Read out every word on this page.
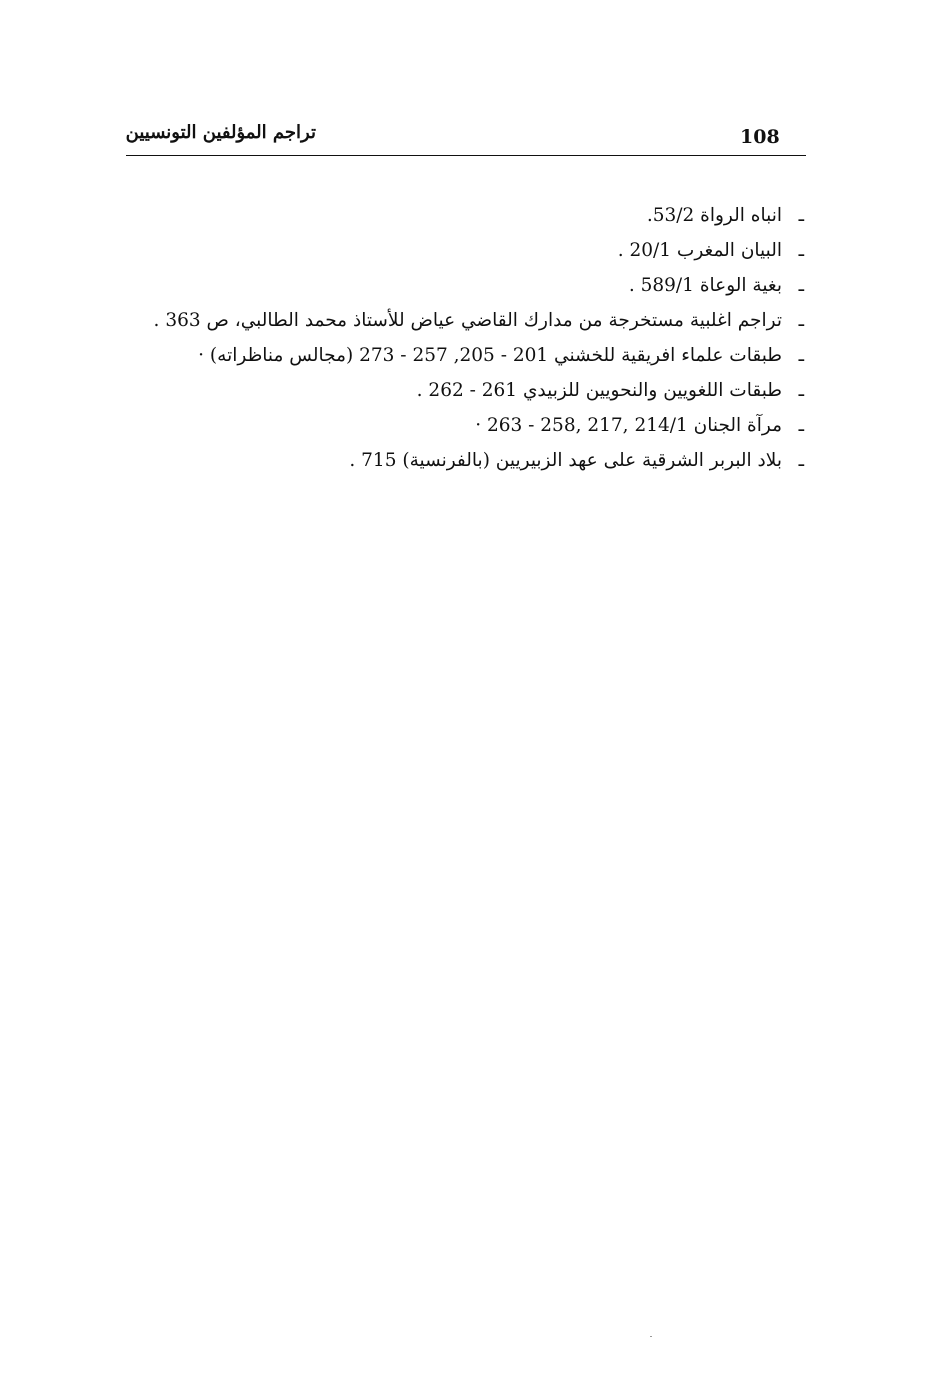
108
تراجم المؤلفين التونسيين
ـ انباه الرواة 53/2.
ـ البيان المغرب 20/1 .
ـ بغية الوعاة 589/1 .
ـ تراجم اغلبية مستخرجة من مدارك القاضي عياض للأستاذ محمد الطالبي، ص 363 .
ـ طبقات علماء افريقية للخشني 201 - 205, 257 - 273 (مجالس مناظراته) ·
ـ طبقات اللغويين والنحويين للزبيدي 261 - 262 .
ـ مرآة الجنان 214/1 ,217 ,258 - 263 ·
ـ بلاد البربر الشرقية على عهد الزبيريين (بالفرنسية) 715 .
